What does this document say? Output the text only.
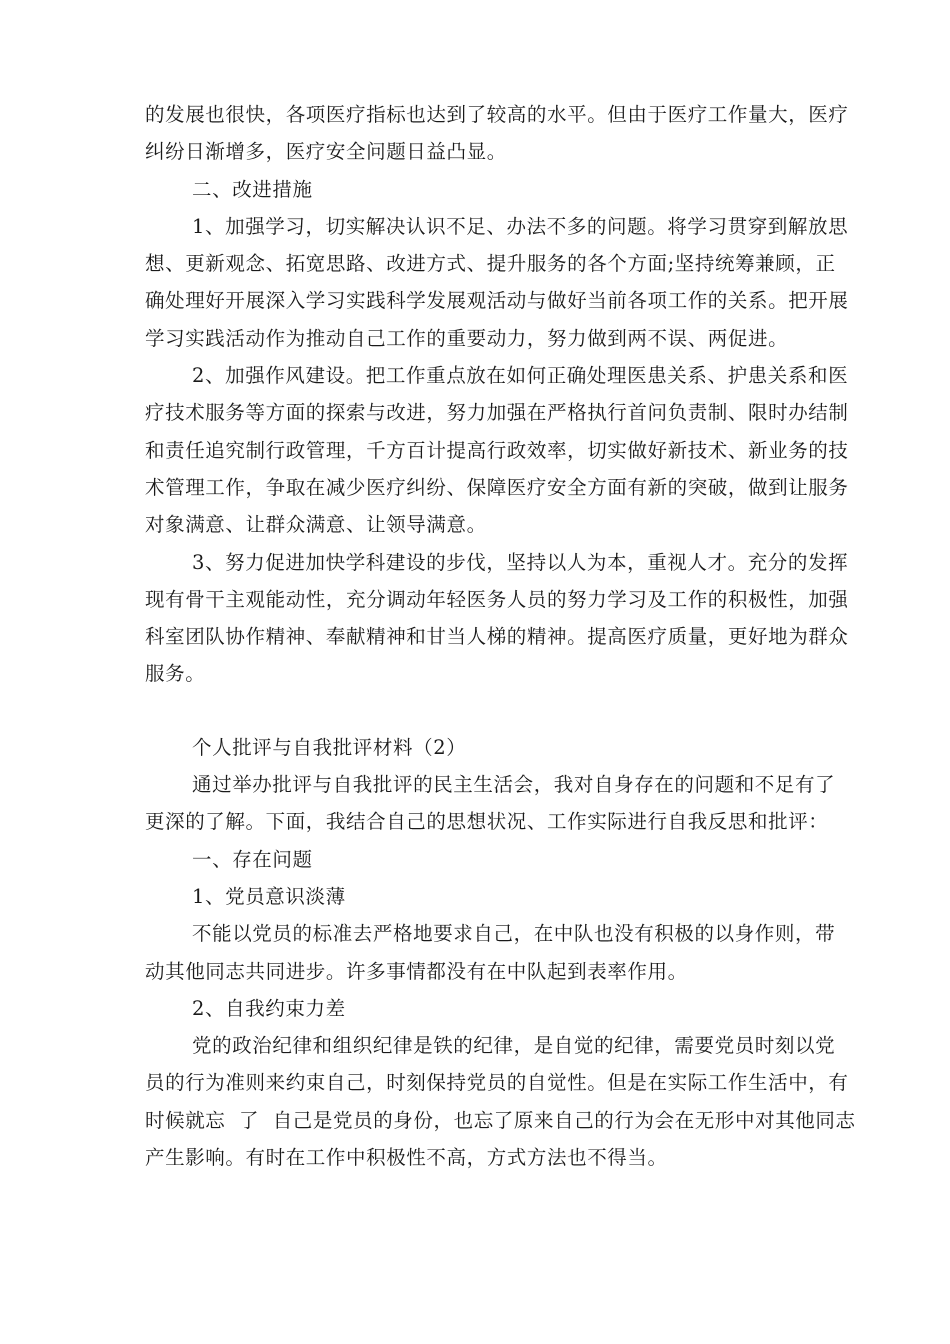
的发展也很快，各项医疗指标也达到了较高的水平。但由于医疗工作量大，医疗

纠纷日渐增多，医疗安全问题日益凸显。

二、改进措施

1、加强学习，切实解决认识不足、办法不多的问题。将学习贯穿到解放思

想、更新观念、拓宽思路、改进方式、提升服务的各个方面;坚持统筹兼顾，正

确处理好开展深入学习实践科学发展观活动与做好当前各项工作的关系。把开展

学习实践活动作为推动自己工作的重要动力，努力做到两不误、两促进。

2、加强作风建设。把工作重点放在如何正确处理医患关系、护患关系和医

疗技术服务等方面的探索与改进，努力加强在严格执行首问负责制、限时办结制

和责任追究制行政管理，千方百计提高行政效率，切实做好新技术、新业务的技

术管理工作，争取在减少医疗纠纷、保障医疗安全方面有新的突破，做到让服务

对象满意、让群众满意、让领导满意。

3、努力促进加快学科建设的步伐，坚持以人为本，重视人才。充分的发挥

现有骨干主观能动性，充分调动年轻医务人员的努力学习及工作的积极性，加强

科室团队协作精神、奉献精神和甘当人梯的精神。提高医疗质量，更好地为群众

服务。

个人批评与自我批评材料（2）

通过举办批评与自我批评的民主生活会，我对自身存在的问题和不足有了

更深的了解。下面，我结合自己的思想状况、工作实际进行自我反思和批评：

一、存在问题

1、党员意识淡薄

不能以党员的标准去严格地要求自己，在中队也没有积极的以身作则，带

动其他同志共同进步。许多事情都没有在中队起到表率作用。

2、自我约束力差

党的政治纪律和组织纪律是铁的纪律，是自觉的纪律，需要党员时刻以党

员的行为准则来约束自己，时刻保持党员的自觉性。但是在实际工作生活中，有

时候就忘  了  自己是党员的身份，也忘了原来自己的行为会在无形中对其他同志

产生影响。有时在工作中积极性不高，方式方法也不得当。
